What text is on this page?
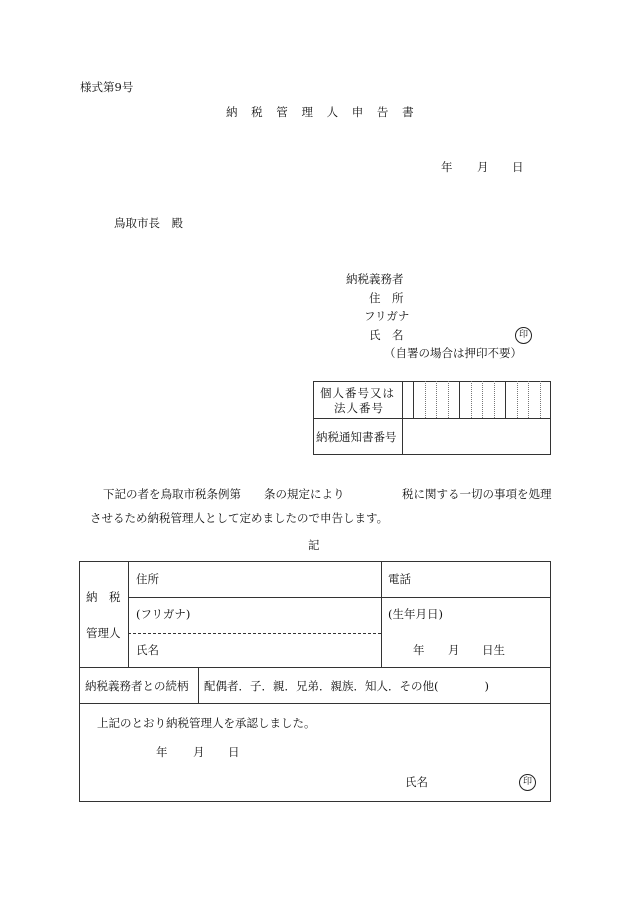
様式第9号
納 税 管 理 人 申 告 書
年 月 日
鳥取市長　殿
納税義務者
住　所
フリガナ
氏　名	印
（自署の場合は押印不要）
個人番号又は
法人番号
納税通知書番号
下記の者を鳥取市税条例第　　条の規定により　　　　　税に関する一切の事項を処理
させるため納税管理人として定めましたので申告します。
記
納　税
管理人
住所	電話
(フリガナ)	(生年月日)
氏名	年 月 日生
納税義務者との続柄 配偶者．子．親．兄弟．親族．知人．その他(　　　　)
上記のとおり納税管理人を承認しました。
年 月 日
氏名	印
